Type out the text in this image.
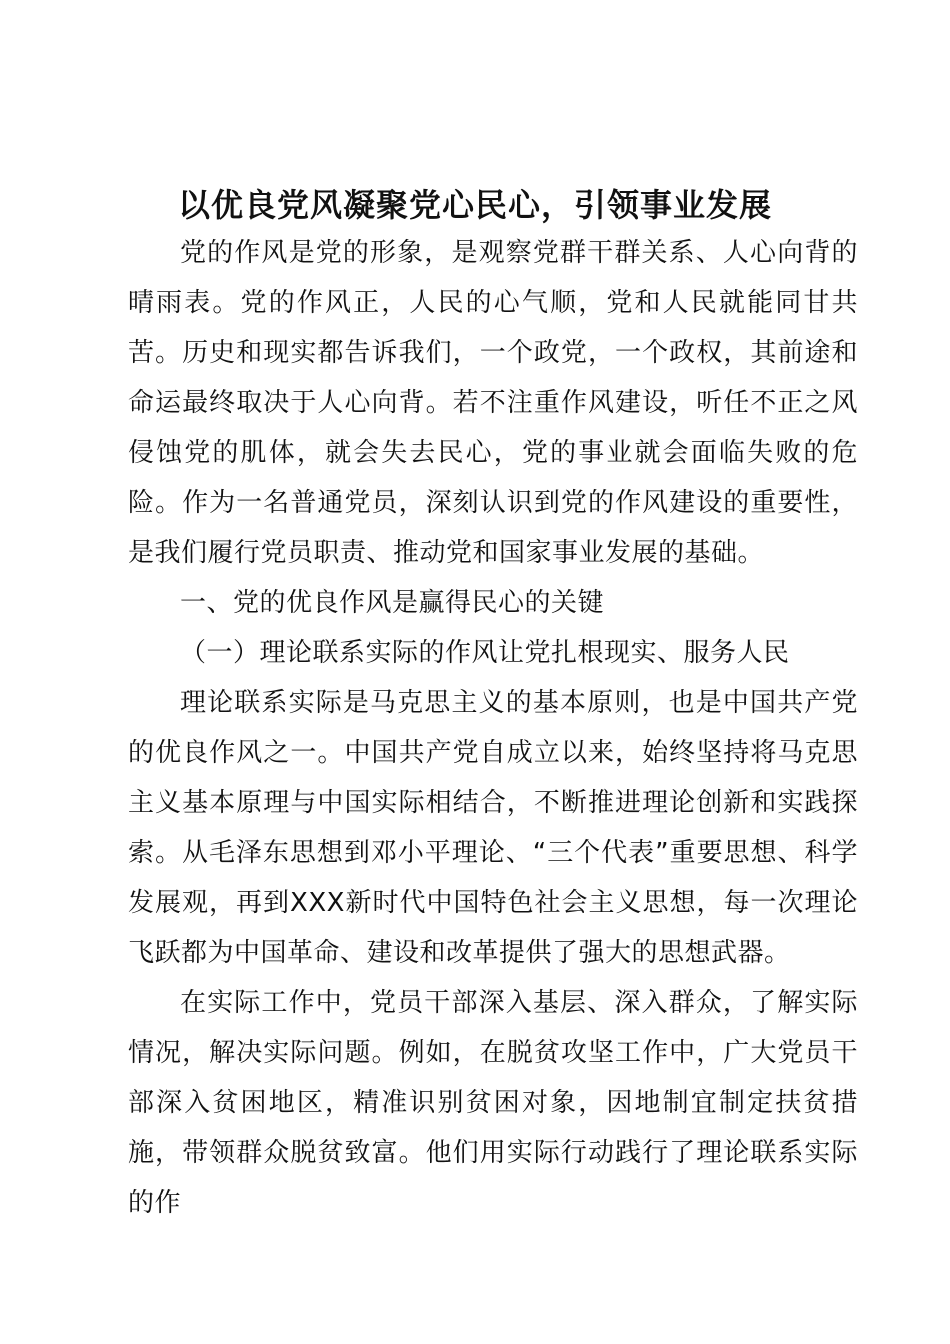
以优良党风凝聚党心民心，引领事业发展

党的作风是党的形象，是观察党群干群关系、人心向背的晴雨表。党的作风正，人民的心气顺，党和人民就能同甘共苦。历史和现实都告诉我们，一个政党，一个政权，其前途和命运最终取决于人心向背。若不注重作风建设，听任不正之风侵蚀党的肌体，就会失去民心，党的事业就会面临失败的危险。作为一名普通党员，深刻认识到党的作风建设的重要性，是我们履行党员职责、推动党和国家事业发展的基础。

一、党的优良作风是赢得民心的关键

（一）理论联系实际的作风让党扎根现实、服务人民

理论联系实际是马克思主义的基本原则，也是中国共产党的优良作风之一。中国共产党自成立以来，始终坚持将马克思主义基本原理与中国实际相结合，不断推进理论创新和实践探索。从毛泽东思想到邓小平理论、“三个代表”重要思想、科学发展观，再到XXX新时代中国特色社会主义思想，每一次理论飞跃都为中国革命、建设和改革提供了强大的思想武器。

在实际工作中，党员干部深入基层、深入群众，了解实际情况，解决实际问题。例如，在脱贫攻坚工作中，广大党员干部深入贫困地区，精准识别贫困对象，因地制宜制定扶贫措施，带领群众脱贫致富。他们用实际行动践行了理论联系实际的作
